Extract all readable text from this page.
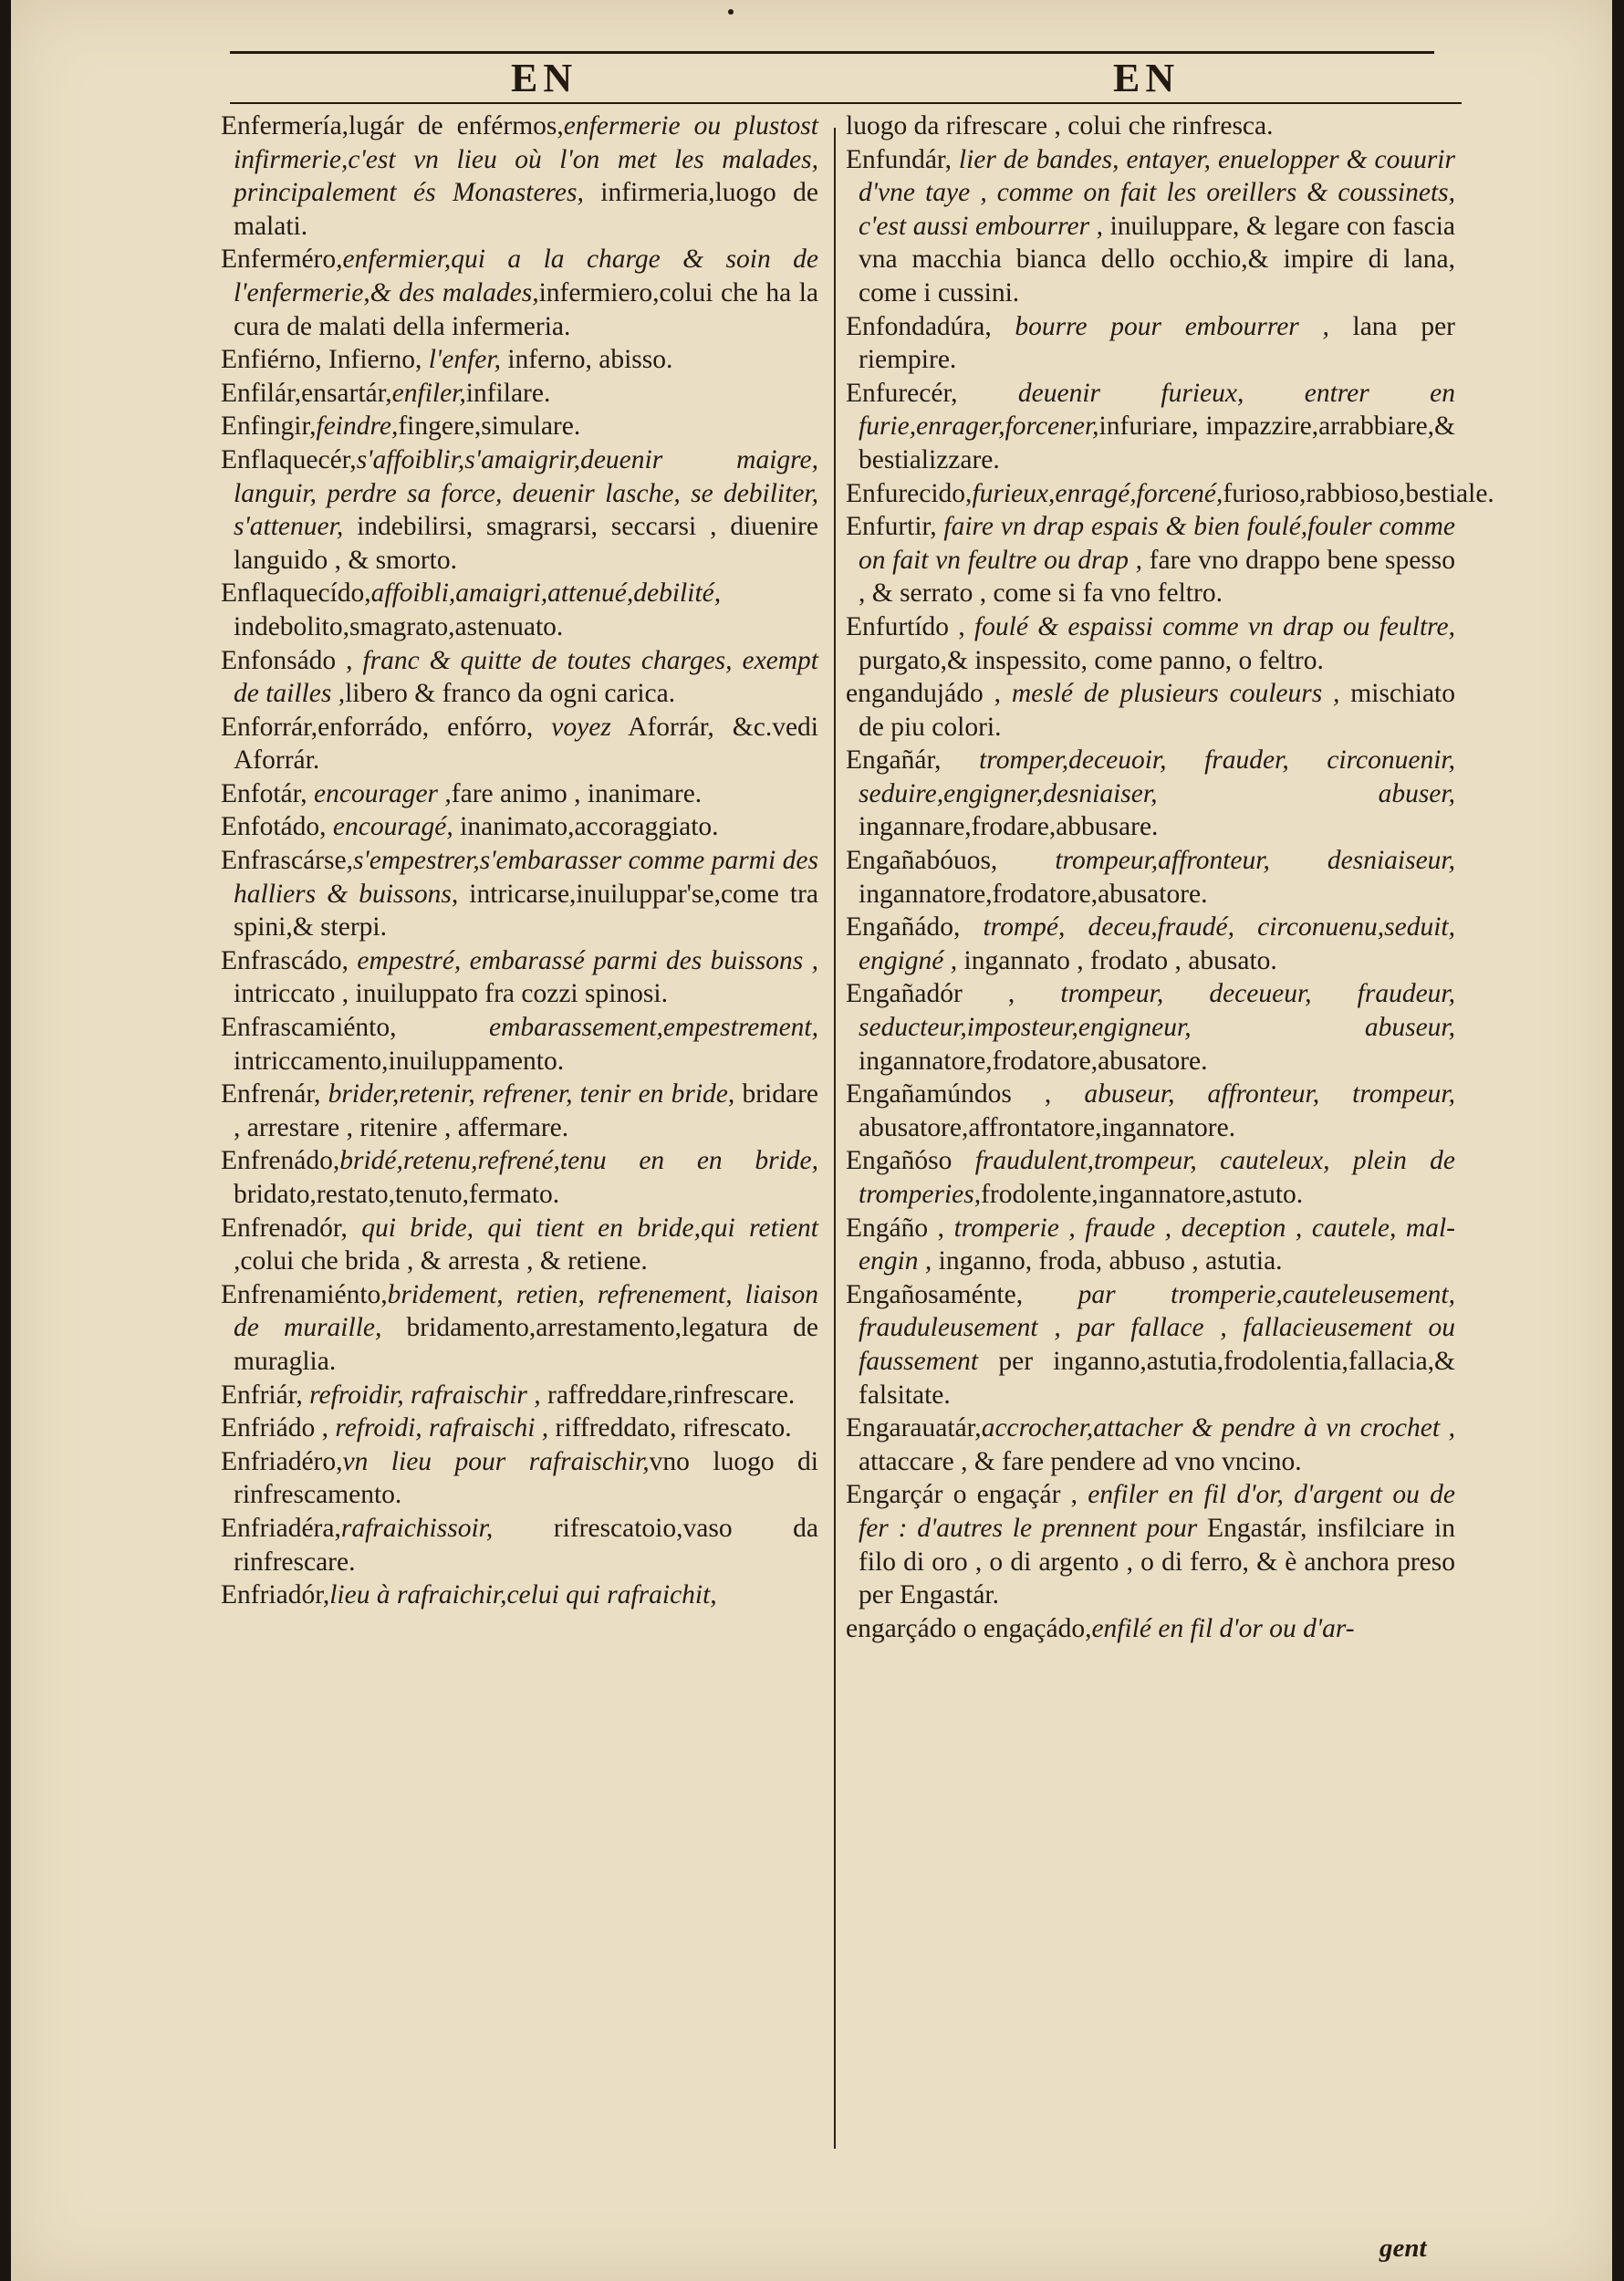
EN	EN
Enfermería,lugár de enférmos,enfermerie ou plustost infirmerie,c'est vn lieu où l'on met les malades, principalement és Monasteres, infirmeria,luogo de malati.
Enferméro,enfermier,qui a la charge & soin de l'enfermerie,& des malades,infermiero,colui che ha la cura de malati della infermeria.
Enfiérno, Infierno, l'enfer, inferno, abisso.
Enfilár,ensartár,enfiler,infilare.
Enfingir,feindre,fingere,simulare.
Enflaquecér,s'affoiblir,s'amaigrir,deuenir maigre, languir, perdre sa force, deuenir lasche, se debiliter, s'attenuer, indebilirsi, smagrarsi, seccarsi , diuenire languido , & smorto.
Enflaquecído,affoibli,amaigri,attenué,debilité, indebolito,smagrato,astenuato.
Enfonsádo , franc & quitte de toutes charges, exempt de tailles ,libero & franco da ogni carica.
Enforrár,enforrádo, enfórro, voyez Aforrár, &c.vedi Aforrár.
Enfotár, encourager ,fare animo , inanimare.
Enfotádo, encouragé, inanimato,accoraggiato.
Enfrascárse,s'empestrer,s'embarasser comme parmi des halliers & buissons, intricarse,inuiluppar'se,come tra spini,& sterpi.
Enfrascádo, empestré, embarassé parmi des buissons , intriccato , inuiluppato fra cozzi spinosi.
Enfrascamiénto, embarassement,empestrement, intriccamento,inuiluppamento.
Enfrenár, brider,retenir, refrener, tenir en bride, bridare , arrestare , ritenire , affermare.
Enfrenádo,bridé,retenu,refrené,tenu en en bride, bridato,restato,tenuto,fermato.
Enfrenadór, qui bride, qui tient en bride,qui retient ,colui che brida , & arresta , & retiene.
Enfrenamiénto,bridement, retien, refrenement, liaison de muraille, bridamento,arrestamento,legatura de muraglia.
Enfriár, refroidir, rafraischir , raffreddare,rinfrescare.
Enfriádo , refroidi, rafraischi , riffreddato, rifrescato.
Enfriadéro,vn lieu pour rafraischir,vno luogo di rinfrescamento.
Enfriadéra,rafraichissoir, rifrescatoio,vaso da rinfrescare.
Enfriadór,lieu à rafraichir,celui qui rafraichit,
luogo da rifrescare , colui che rinfresca.
Enfundár, lier de bandes, entayer, enuelopper & couurir d'vne taye , comme on fait les oreillers & coussinets, c'est aussi embourrer , inuiluppare, & legare con fascia vna macchia bianca dello occhio,& impire di lana, come i cussini.
Enfondadúra, bourre pour embourrer , lana per riempire.
Enfurecér, deuenir furieux, entrer en furie,enrager,forcener,infuriare, impazzire,arrabbiare,& bestializzare.
Enfurecido,furieux,enragé,forcené,furioso,rabbioso,bestiale.
Enfurtir, faire vn drap espais & bien foulé,fouler comme on fait vn feultre ou drap , fare vno drappo bene spesso , & serrato , come si fa vno feltro.
Enfurtído , foulé & espaissi comme vn drap ou feultre, purgato,& inspessito, come panno, o feltro.
engandujádo , meslé de plusieurs couleurs , mischiato de piu colori.
Engañár, tromper,deceuoir, frauder, circonuenir, seduire,engigner,desniaiser, abuser, ingannare,frodare,abbusare.
Engañabóuos, trompeur,affronteur, desniaiseur, ingannatore,frodatore,abusatore.
Engañádo, trompé, deceu,fraudé, circonuenu,seduit, engigné , ingannato , frodato , abusato.
Engañadór , trompeur, deceueur, fraudeur, seducteur,imposteur,engigneur, abuseur, ingannatore,frodatore,abusatore.
Engañamúndos , abuseur, affronteur, trompeur, abusatore,affrontatore,ingannatore.
Engañóso fraudulent,trompeur, cauteleux, plein de tromperies,frodolente,ingannatore,astuto.
Engáño , tromperie , fraude , deception , cautele, mal-engin , inganno, froda, abbuso , astutia.
Engañosaménte, par tromperie,cauteleusement, frauduleusement , par fallace , fallacieusement ou faussement per inganno,astutia,frodolentia,fallacia,& falsitate.
Engarauatár,accrocher,attacher & pendre à vn crochet , attaccare , & fare pendere ad vno vncino.
Engarçár o engaçár , enfiler en fil d'or, d'argent ou de fer : d'autres le prennent pour Engastár, insfilciare in filo di oro , o di argento , o di ferro, & è anchora preso per Engastár.
engarçádo o engaçádo,enfilé en fil d'or ou d'ar-
gent
